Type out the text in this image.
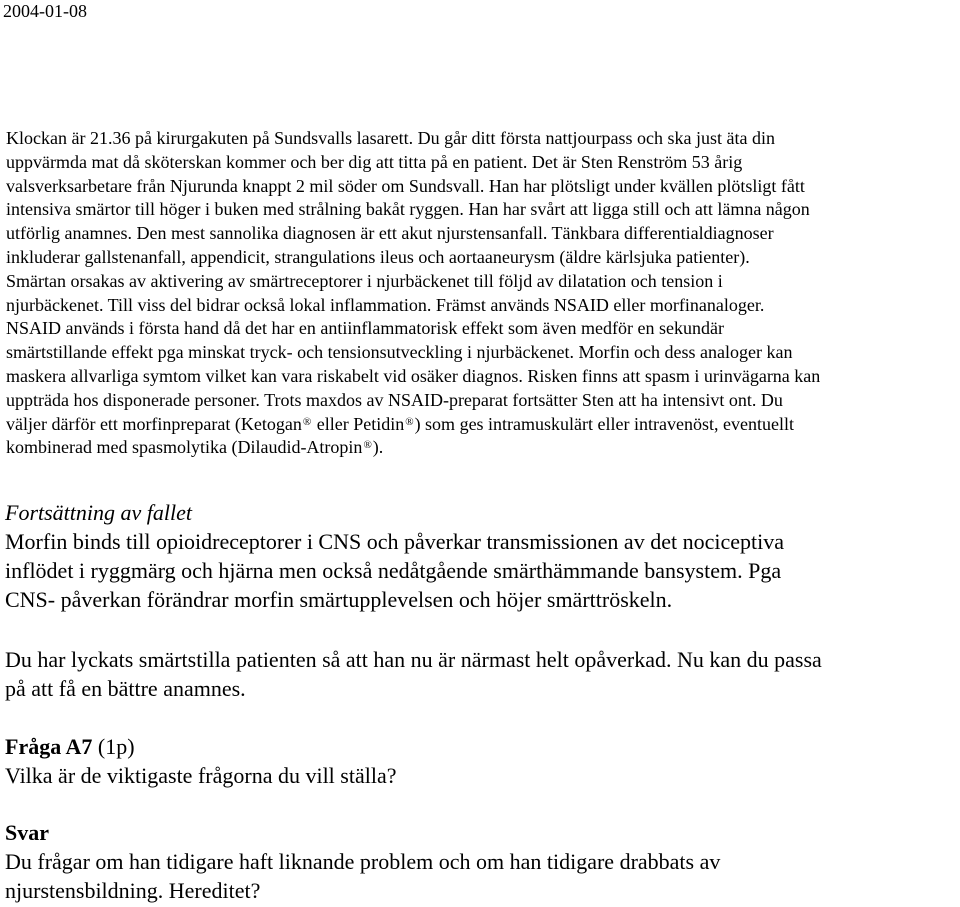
2004-01-08

Klockan är 21.36 på kirurgakuten på Sundsvalls lasarett. Du går ditt första nattjourpass och ska just äta din
uppvärmda mat då sköterskan kommer och ber dig att titta på en patient. Det är Sten Renström 53 årig
valsverksarbetare från Njurunda knappt 2 mil söder om Sundsvall. Han har plötsligt under kvällen plötsligt fått
intensiva smärtor till höger i buken med strålning bakåt ryggen. Han har svårt att ligga still och att lämna någon
utförlig anamnes. Den mest sannolika diagnosen är ett akut njurstensanfall. Tänkbara differentialdiagnoser
inkluderar gallstenanfall, appendicit, strangulations ileus och aortaaneurysm (äldre kärlsjuka patienter).
Smärtan orsakas av aktivering av smärtreceptorer i njurbäckenet till följd av dilatation och tension i
njurbäckenet. Till viss del bidrar också lokal inflammation. Främst används NSAID eller morfinanaloger.
NSAID används i första hand då det har en antiinflammatorisk effekt som även medför en sekundär
smärtstillande effekt pga minskat tryck- och tensionsutveckling i njurbäckenet. Morfin och dess analoger kan
maskera allvarliga symtom vilket kan vara riskabelt vid osäker diagnos. Risken finns att spasm i urinvägarna kan
uppträda hos disponerade personer. Trots maxdos av NSAID-preparat fortsätter Sten att ha intensivt ont. Du
väljer därför ett morfinpreparat (Ketogan® eller Petidin®) som ges intramuskulärt eller intravenöst, eventuellt
kombinerad med spasmolytika (Dilaudid-Atropin®).

Fortsättning av fallet
Morfin binds till opioidreceptorer i CNS och påverkar transmissionen av det nociceptiva
inflödet i ryggmärg och hjärna men också nedåtgående smärthämmande bansystem. Pga
CNS- påverkan förändrar morfin smärtupplevelsen och höjer smärttröskeln.
Du har lyckats smärtstilla patienten så att han nu är närmast helt opåverkad. Nu kan du passa
på att få en bättre anamnes.
Fråga A7 (1p)
Vilka är de viktigaste frågorna du vill ställa?
Svar
Du frågar om han tidigare haft liknande problem och om han tidigare drabbats av
njurstensbildning. Hereditet?
